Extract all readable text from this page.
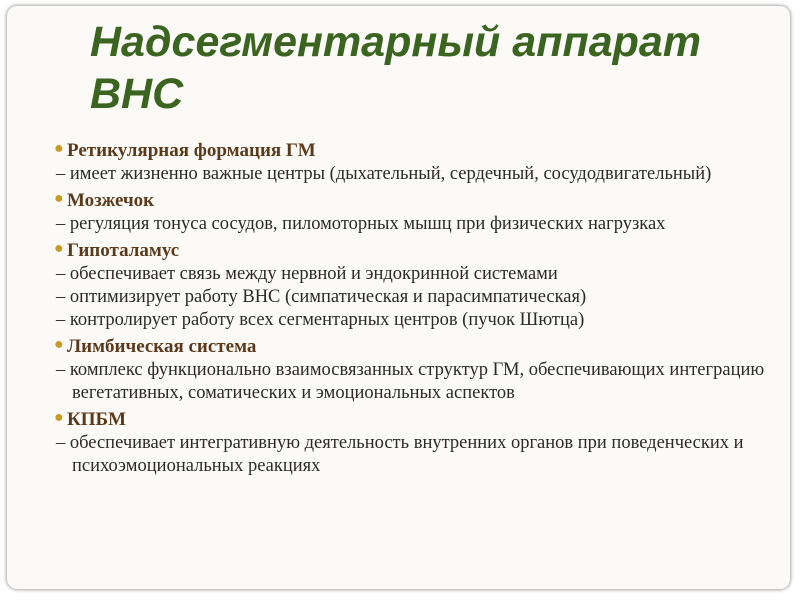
Надсегментарный аппарат ВНС

● Ретикулярная формация ГМ

– имеет жизненно важные центры (дыхательный, сердечный, сосудодвигательный)

● Мозжечок

– регуляция тонуса сосудов, пиломоторных мышц при физических нагрузках

● Гипоталамус

– обеспечивает связь между нервной и эндокринной системами

– оптимизирует работу ВНС (симпатическая и парасимпатическая)

– контролирует работу всех сегментарных центров (пучок Шютца)

● Лимбическая система

– комплекс функционально взаимосвязанных структур ГМ, обеспечивающих интеграцию вегетативных, соматических и эмоциональных аспектов

● КПБМ

– обеспечивает интегративную деятельность внутренних органов при поведенческих и психоэмоциональных реакциях
